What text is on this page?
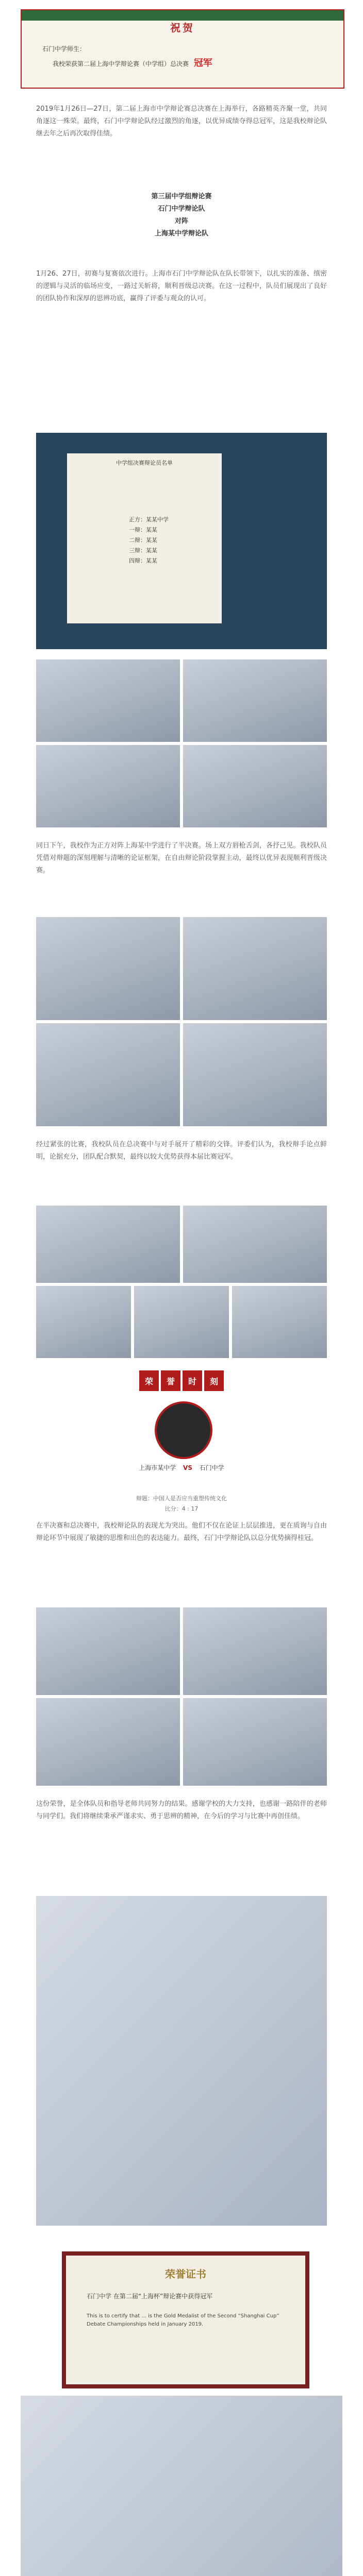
祝贺
石门中学师生：
我校荣获第二届上海中学辩论赛（中学组）总决赛 冠军
2019年1月26日—27日，第二届上海市中学辩论赛总决赛在上海举行，各路精英齐聚一堂，共同角逐这一殊荣。最终，石门中学辩论队经过激烈的角逐，以优异成绩夺得总冠军，这是我校辩论队继去年之后再次取得佳绩。
第三届中学组辩论赛
石门中学辩论队
对阵
上海某中学辩论队
1月26、27日，初赛与复赛依次进行。上海市石门中学辩论队在队长带领下，以扎实的准备、缜密的逻辑与灵活的临场应变，一路过关斩将，顺利晋级总决赛。在这一过程中，队员们展现出了良好的团队协作和深厚的思辨功底，赢得了评委与观众的认可。
中学组决赛辩论员名单
正方：某某中学
一辩：某某
二辩：某某
三辩：某某
四辩：某某
同日下午，我校作为正方对阵上海某中学进行了半决赛。场上双方唇枪舌剑，各抒己见。我校队员凭借对辩题的深刻理解与清晰的论证框架，在自由辩论阶段掌握主动，最终以优异表现顺利晋级决赛。
经过紧张的比赛，我校队员在总决赛中与对手展开了精彩的交锋。评委们认为，我校辩手论点鲜明，论据充分，团队配合默契，最终以较大优势获得本届比赛冠军。
荣	誉	时	刻
上海市某中学 VS 石门中学
辩题：中国人是否应当重塑传统文化
比分：4 : 17
在半决赛和总决赛中，我校辩论队的表现尤为突出。他们不仅在论证上层层推进，更在质询与自由辩论环节中展现了敏捷的思维和出色的表达能力。最终，石门中学辩论队以总分优势摘得桂冠。
这份荣誉，是全体队员和指导老师共同努力的结果。感谢学校的大力支持，也感谢一路陪伴的老师与同学们。我们将继续秉承严谨求实、勇于思辨的精神，在今后的学习与比赛中再创佳绩。
荣誉证书
石门中学 在第二届“上海杯”辩论赛中获得冠军
This is to certify that ... is the Gold Medalist of the Second “Shanghai Cup” Debate Championships held in January 2019.
